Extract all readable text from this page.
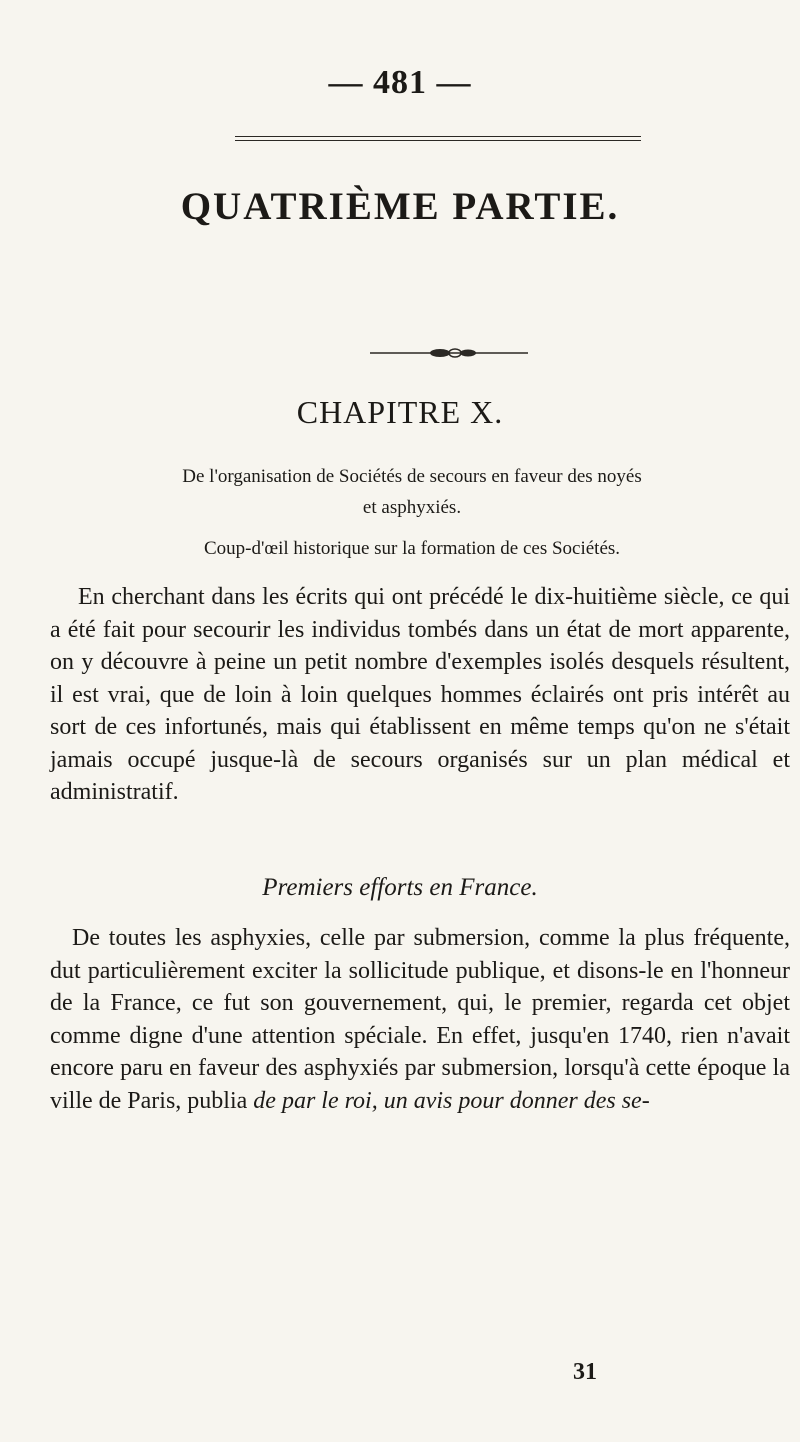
— 481 —
QUATRIÈME PARTIE.
CHAPITRE X.
De l'organisation de Sociétés de secours en faveur des noyés
et asphyxiés.
Coup-d'œil historique sur la formation de ces Sociétés.
En cherchant dans les écrits qui ont précédé le dix-huitième siècle, ce qui a été fait pour secourir les individus tombés dans un état de mort apparente, on y découvre à peine un petit nombre d'exemples isolés desquels résultent, il est vrai, que de loin à loin quelques hommes éclairés ont pris intérêt au sort de ces infortunés, mais qui établissent en même temps qu'on ne s'était jamais occupé jusque-là de secours organisés sur un plan médical et administratif.
Premiers efforts en France.
De toutes les asphyxies, celle par submersion, comme la plus fréquente, dut particulièrement exciter la sollicitude publique, et disons-le en l'honneur de la France, ce fut son gouvernement, qui, le premier, regarda cet objet comme digne d'une attention spéciale. En effet, jusqu'en 1740, rien n'avait encore paru en faveur des asphyxiés par submersion, lorsqu'à cette époque la ville de Paris, publia de par le roi, un avis pour donner des se-
31
